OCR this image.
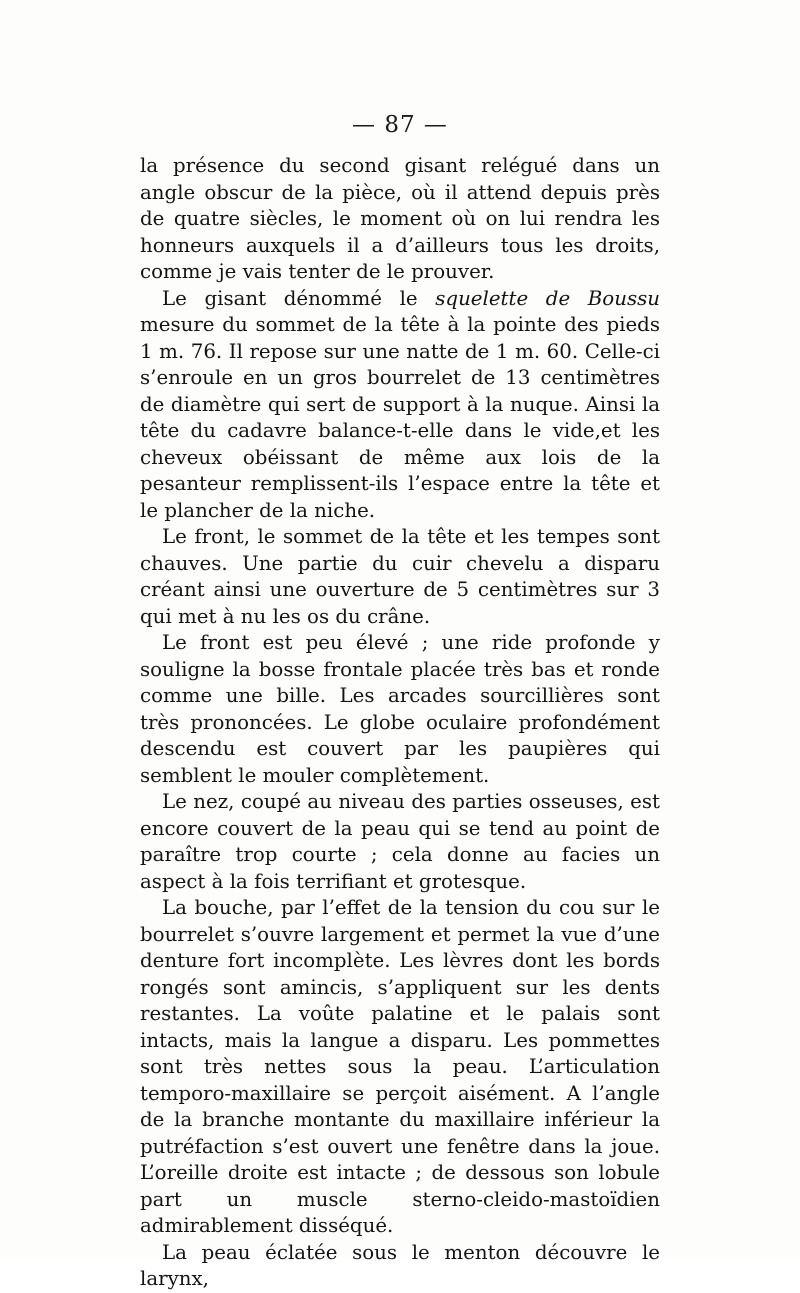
— 87 —

la présence du second gisant relégué dans un angle obscur de la pièce, où il attend depuis près de quatre siècles, le moment où on lui rendra les honneurs auxquels il a d’ailleurs tous les droits, comme je vais tenter de le prouver.

Le gisant dénommé le squelette de Boussu mesure du sommet de la tête à la pointe des pieds 1 m. 76. Il repose sur une natte de 1 m. 60. Celle-ci s’enroule en un gros bourrelet de 13 centimètres de diamètre qui sert de support à la nuque. Ainsi la tête du cadavre balance-t-elle dans le vide,et les cheveux obéissant de même aux lois de la pesanteur remplissent-ils l’espace entre la tête et le plancher de la niche.

Le front, le sommet de la tête et les tempes sont chauves. Une partie du cuir chevelu a disparu créant ainsi une ouverture de 5 centimètres sur 3 qui met à nu les os du crâne.

Le front est peu élevé ; une ride profonde y souligne la bosse frontale placée très bas et ronde comme une bille. Les arcades sourcillières sont très prononcées. Le globe oculaire profondément descendu est couvert par les paupières qui semblent le mouler complètement.

Le nez, coupé au niveau des parties osseuses, est encore couvert de la peau qui se tend au point de paraître trop courte ; cela donne au facies un aspect à la fois terrifiant et grotesque.

La bouche, par l’effet de la tension du cou sur le bourrelet s’ouvre largement et permet la vue d’une denture fort incomplète. Les lèvres dont les bords rongés sont amincis, s’appliquent sur les dents restantes. La voûte palatine et le palais sont intacts, mais la langue a disparu. Les pommettes sont très nettes sous la peau. L’articulation temporo-maxillaire se perçoit aisément. A l’angle de la branche montante du maxillaire inférieur la putréfaction s’est ouvert une fenêtre dans la joue. L’oreille droite est intacte ; de dessous son lobule part un muscle sterno-cleido-mastoïdien admirablement disséqué.

La peau éclatée sous le menton découvre le larynx,
